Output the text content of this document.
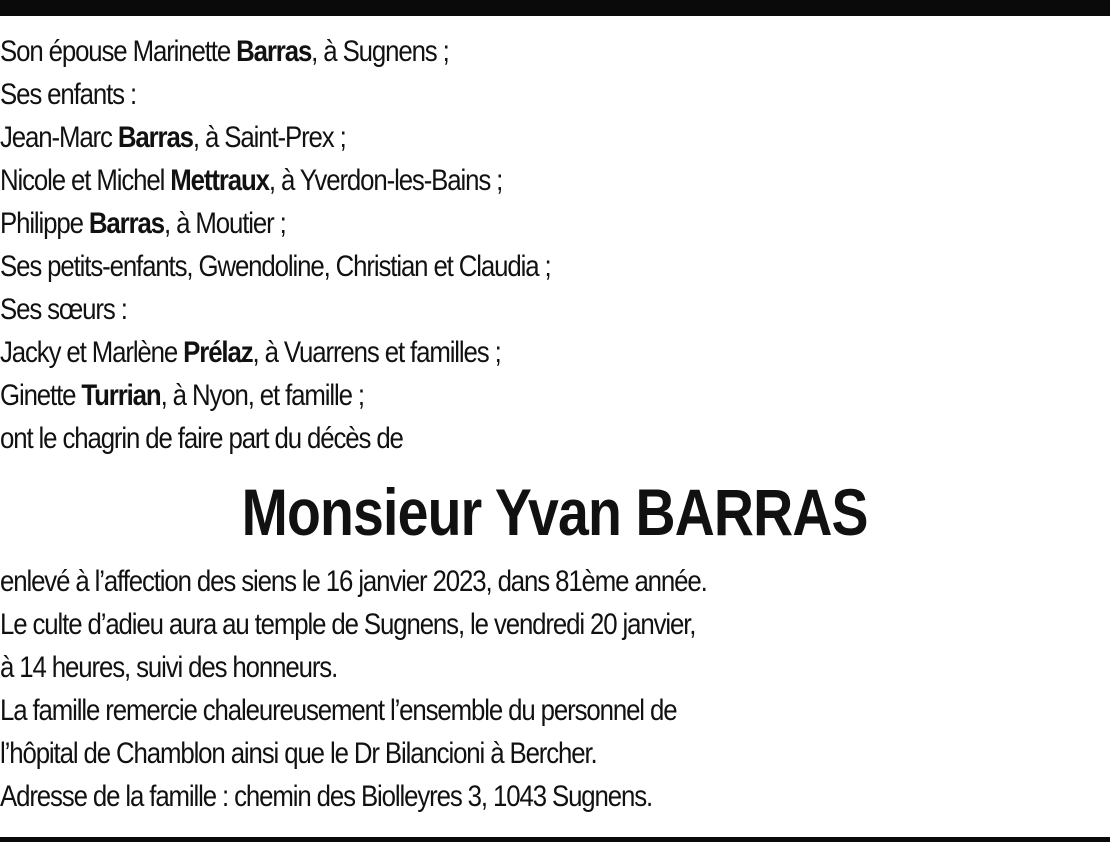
Son épouse Marinette Barras, à Sugnens ;
Ses enfants :
Jean-Marc Barras, à Saint-Prex ;
Nicole et Michel Mettraux, à Yverdon-les-Bains ;
Philippe Barras, à Moutier ;
Ses petits-enfants, Gwendoline, Christian et Claudia ;
Ses sœurs :
Jacky et Marlène Prélaz, à Vuarrens et familles ;
Ginette Turrian, à Nyon, et famille ;
ont le chagrin de faire part du décès de
Monsieur Yvan BARRAS
enlevé à l’affection des siens le 16 janvier 2023, dans 81ème année.
Le culte d’adieu aura au temple de Sugnens, le vendredi 20 janvier,
à 14 heures, suivi des honneurs.
La famille remercie chaleureusement l’ensemble du personnel de
l’hôpital de Chamblon ainsi que le Dr Bilancioni à Bercher.
Adresse de la famille : chemin des Biolleyres 3, 1043 Sugnens.
